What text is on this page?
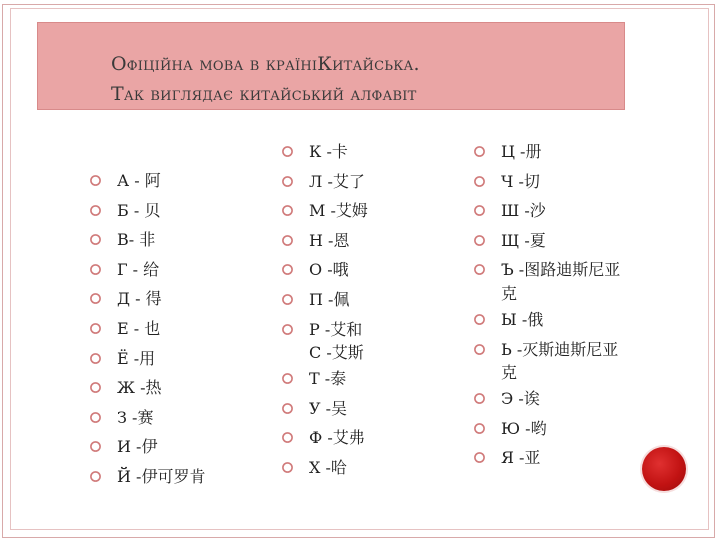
Офіційна мова в країніКитайська.
Так виглядає китайський алфавіт
А - 阿
Б - 贝
В- 非
Г - 给
Д - 得
Е - 也
Ё -用
Ж -热
З -赛
И -伊
Й -伊可罗肯
К -卡
Л -艾了
М -艾姆
Н -恩
О -哦
П -佩
Р -艾和
С -艾斯
Т -泰
У -吴
Ф -艾弗
Х -哈
Ц -册
Ч -切
Ш -沙
Щ -夏
Ъ -图路迪斯尼亚
克
Ы -俄
Ь -灭斯迪斯尼亚
克
Э -诶
Ю -哟
Я -亚
